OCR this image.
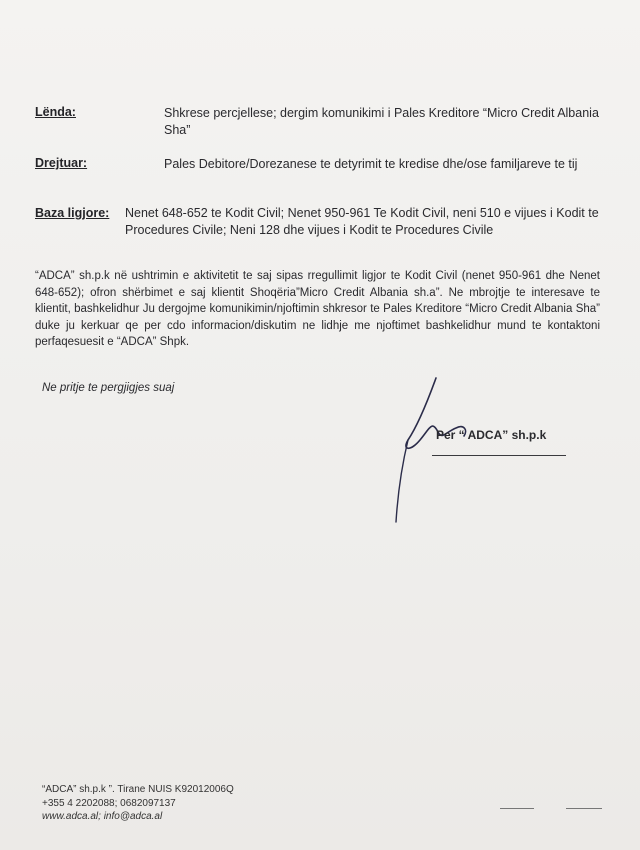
Lënda:	Shkrese percjellese; dergim komunikimi i Pales Kreditore “Micro Credit Albania Sha”
Drejtuar:	Pales Debitore/Dorezanese te detyrimit te kredise dhe/ose familjareve te tij
Baza ligjore: Nenet 648-652 te Kodit Civil; Nenet 950-961 Te Kodit Civil, neni 510 e vijues i Kodit te Procedures Civile; Neni 128 dhe vijues i Kodit te Procedures Civile
“ADCA” sh.p.k në ushtrimin e aktivitetit te saj sipas rregullimit ligjor te Kodit Civil (nenet 950-961 dhe Nenet 648-652); ofron shërbimet e saj klientit Shoqëria”Micro Credit Albania sh.a”. Ne mbrojtje te interesave te klientit, bashkelidhur Ju dergojme komunikimin/njoftimin shkresor te Pales Kreditore “Micro Credit Albania Sha” duke ju kerkuar qe per cdo informacion/diskutim ne lidhje me njoftimet bashkelidhur mund te kontaktoni perfaqesuesit e “ADCA” Shpk.
Ne pritje te pergjigjes suaj
Per “ ADCA” sh.p.k
“ADCA” sh.p.k ”. Tirane NUIS K92012006Q
+355 4 2202088; 0682097137
www.adca.al; info@adca.al
